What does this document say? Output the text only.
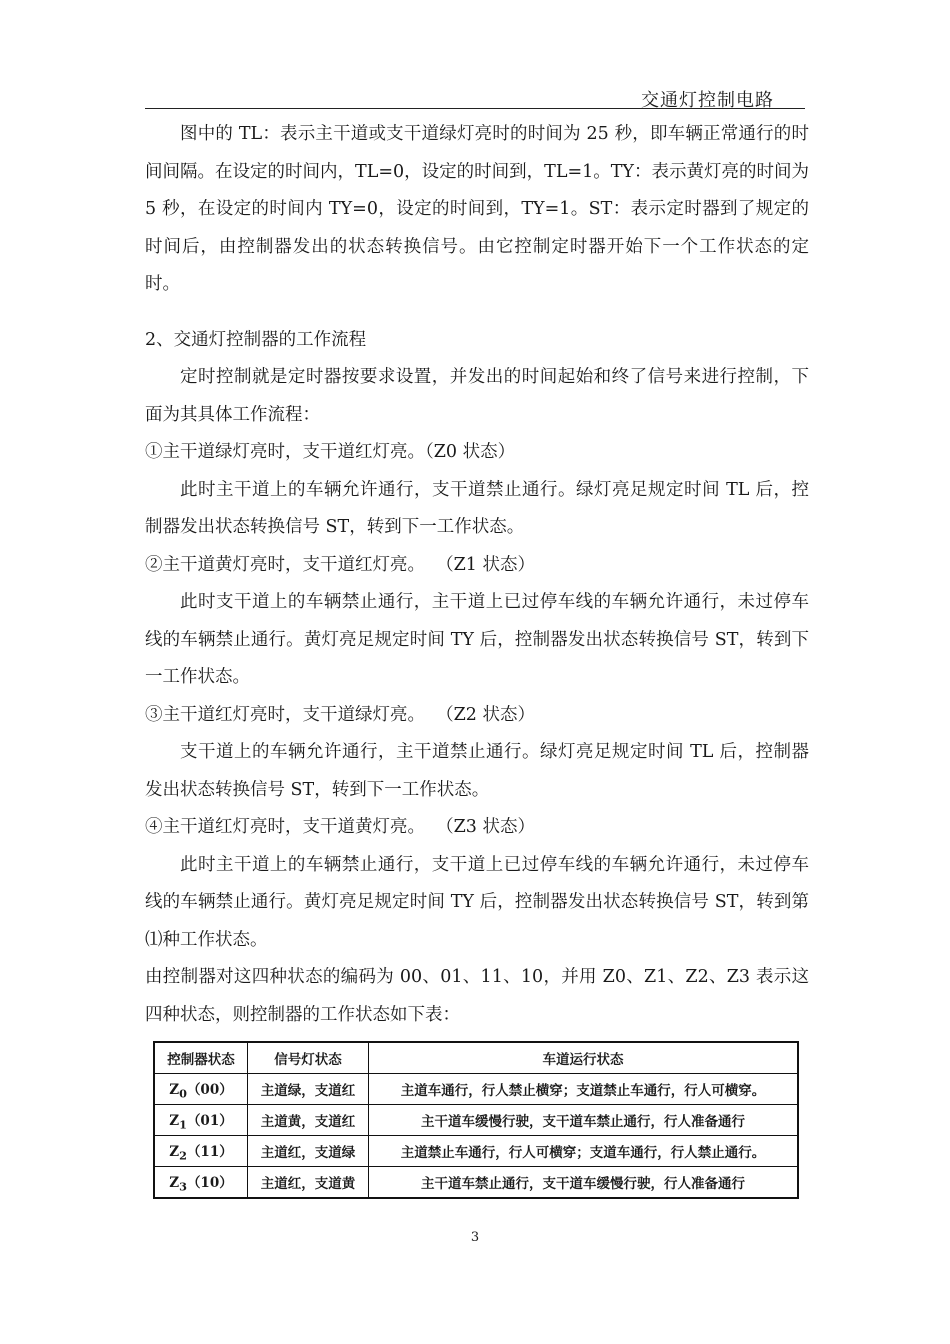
交通灯控制电路

图中的 TL：表示主干道或支干道绿灯亮时的时间为 25 秒，即车辆正常通行的时间间隔。在设定的时间内，TL=0，设定的时间到，TL=1。TY：表示黄灯亮的时间为 5 秒，在设定的时间内 TY=0，设定的时间到，TY=1。ST：表示定时器到了规定的时间后，由控制器发出的状态转换信号。由它控制定时器开始下一个工作状态的定时。

2、交通灯控制器的工作流程

定时控制就是定时器按要求设置，并发出的时间起始和终了信号来进行控制，下面为其具体工作流程：

①主干道绿灯亮时，支干道红灯亮。（Z0 状态）

此时主干道上的车辆允许通行，支干道禁止通行。绿灯亮足规定时间 TL 后，控制器发出状态转换信号 ST，转到下一工作状态。

②主干道黄灯亮时，支干道红灯亮。  （Z1 状态）

此时支干道上的车辆禁止通行，主干道上已过停车线的车辆允许通行，未过停车线的车辆禁止通行。黄灯亮足规定时间 TY 后，控制器发出状态转换信号 ST，转到下一工作状态。

③主干道红灯亮时，支干道绿灯亮。  （Z2 状态）

支干道上的车辆允许通行，主干道禁止通行。绿灯亮足规定时间 TL 后，控制器发出状态转换信号 ST，转到下一工作状态。

④主干道红灯亮时，支干道黄灯亮。  （Z3 状态）

此时主干道上的车辆禁止通行，支干道上已过停车线的车辆允许通行，未过停车线的车辆禁止通行。黄灯亮足规定时间 TY 后，控制器发出状态转换信号 ST，转到第⑴种工作状态。

由控制器对这四种状态的编码为 00、01、11、10，并用 Z0、Z1、Z2、Z3 表示这四种状态，则控制器的工作状态如下表：

控制器状态	信号灯状态	车道运行状态
$Z_0(00)$	主道绿，支道红	主道车通行，行人禁止横穿；支道禁止车通行，行人可横穿。
$Z_1(01)$	主道黄，支道红	主干道车缓慢行驶，支干道车禁止通行，行人准备通行
$Z_2(11)$	主道红，支道绿	主道禁止车通行，行人可横穿；支道车通行，行人禁止通行。
$Z_3(10)$	主道红，支道黄	主干道车禁止通行，支干道车缓慢行驶，行人准备通行
3
